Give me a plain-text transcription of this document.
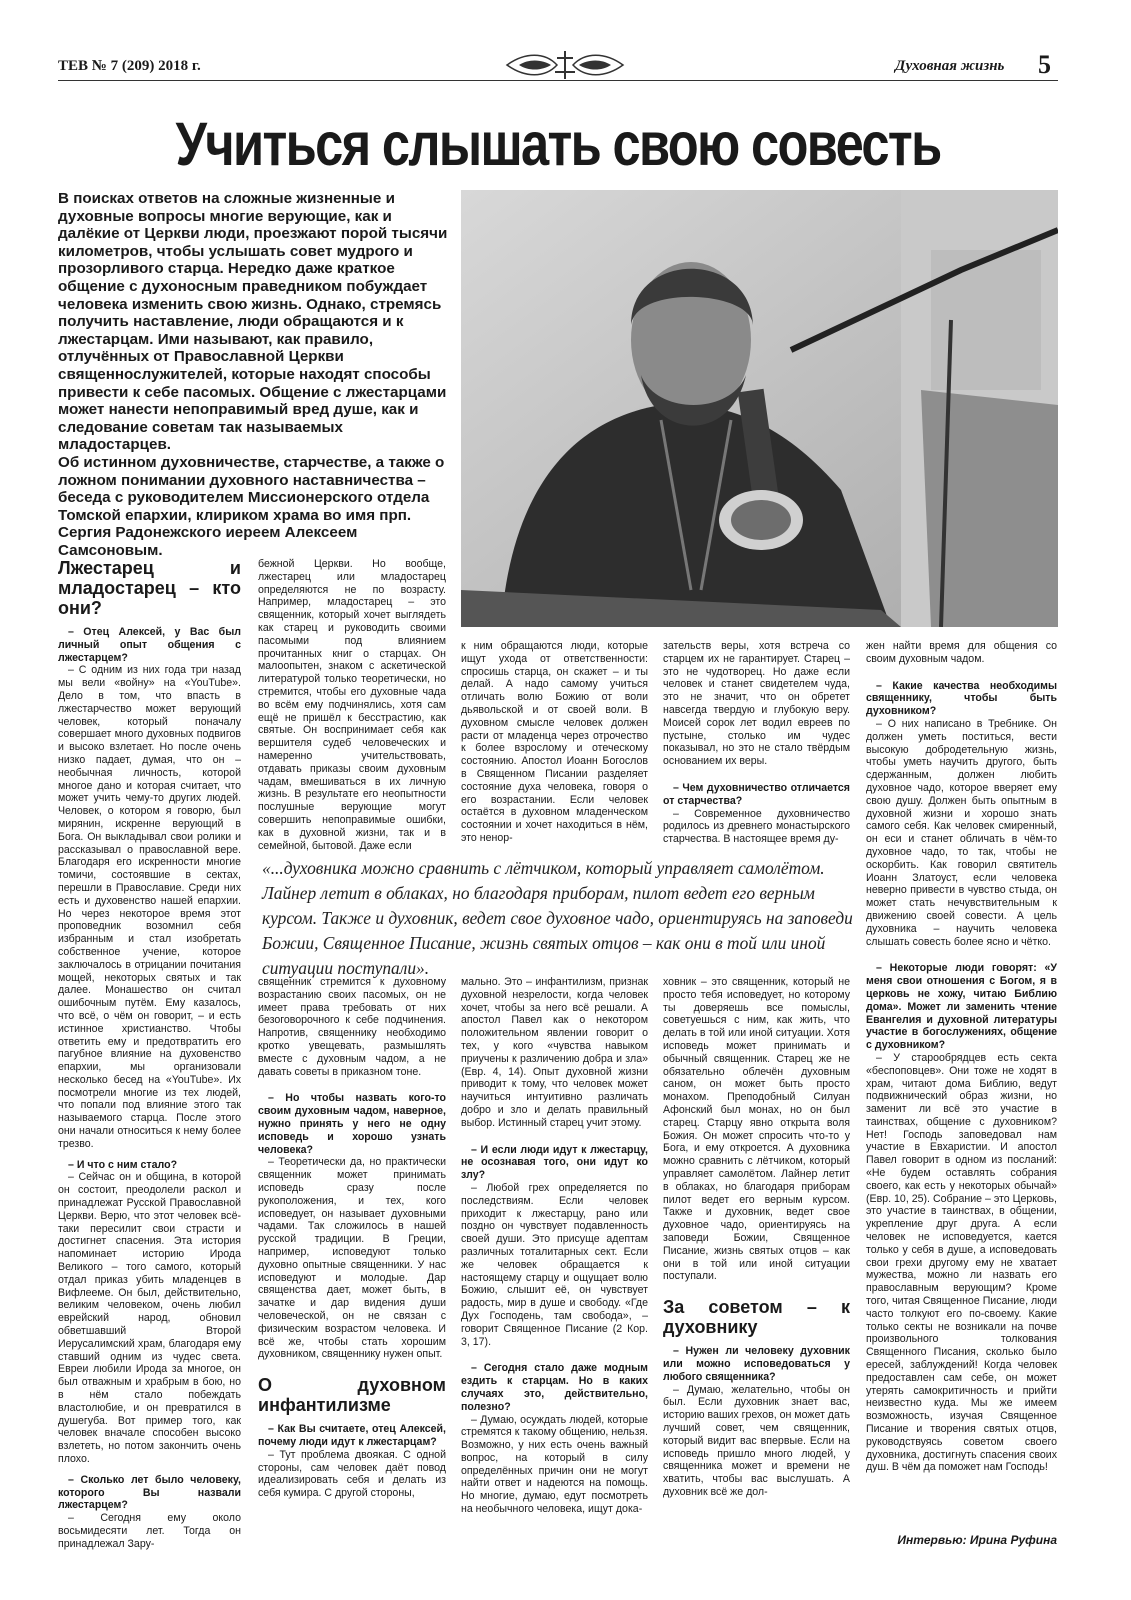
ТЕВ № 7 (209) 2018 г.	Духовная жизнь 5
Учиться слышать свою совесть

В поисках ответов на сложные жизненные и духовные вопросы многие верующие, как и далёкие от Церкви люди, проезжают порой тысячи километров, чтобы услышать совет мудрого и прозорливого старца. Нередко даже краткое общение с духоносным праведником побуждает человека изменить свою жизнь. Однако, стремясь получить наставление, люди обращаются и к лжестарцам. Ими называют, как правило, отлучённых от Православной Церкви священнослужителей, которые находят способы привести к себе пасомых. Общение с лжестарцами может нанести непоправимый вред душе, как и следование советам так называемых младостарцев.

Об истинном духовничестве, старчестве, а также о ложном понимании духовного наставничества – беседа с руководителем Миссионерского отдела Томской епархии, клириком храма во имя прп. Сергия Радонежского иереем Алексеем Самсоновым.

Лжестарец и младостарец – кто они?

– Отец Алексей, у Вас был личный опыт общения с лжестарцем?

– С одним из них года три назад мы вели «войну» на «YouTube». Дело в том, что впасть в лжестарчество может верующий человек, который поначалу совершает много духовных подвигов и высоко взлетает. Но после очень низко падает, думая, что он – необычная личность, которой многое дано и которая считает, что может учить чему-то других людей. Человек, о котором я говорю, был мирянин, искренне верующий в Бога. Он выкладывал свои ролики и рассказывал о православной вере. Благодаря его искренности многие томичи, состоявшие в сектах, перешли в Православие. Среди них есть и духовенство нашей епархии. Но через некоторое время этот проповедник возомнил себя избранным и стал изобретать собственное учение, которое заключалось в отрицании почитания мощей, некоторых святых и так далее. Монашество он считал ошибочным путём. Ему казалось, что всё, о чём он говорит, – и есть истинное христианство. Чтобы ответить ему и предотвратить его пагубное влияние на духовенство епархии, мы организовали несколько бесед на «YouTube». Их посмотрели многие из тех людей, что попали под влияние этого так называемого старца. После этого они начали относиться к нему более трезво.

– И что с ним стало?

– Сейчас он и община, в которой он состоит, преодолели раскол и принадлежат Русской Православной Церкви. Верю, что этот человек всё-таки пересилит свои страсти и достигнет спасения. Эта история напоминает историю Ирода Великого – того самого, который отдал приказ убить младенцев в Вифлееме. Он был, действительно, великим человеком, очень любил еврейский народ, обновил обветшавший Второй Иерусалимский храм, благодаря ему ставший одним из чудес света. Евреи любили Ирода за многое, он был отважным и храбрым в бою, но в нём стало побеждать властолюбие, и он превратился в душегуба. Вот пример того, как человек вначале способен высоко взлететь, но потом закончить очень плохо.

– Сколько лет было человеку, которого Вы назвали лжестарцем?

– Сегодня ему около восьмидесяти лет. Тогда он принадлежал Зару-

бежной Церкви. Но вообще, лжестарец или младостарец определяются не по возрасту. Например, младостарец – это священник, который хочет выглядеть как старец и руководить своими пасомыми под влиянием прочитанных книг о старцах. Он малоопытен, знаком с аскетической литературой только теоретически, но стремится, чтобы его духовные чада во всём ему подчинялись, хотя сам ещё не пришёл к бесстрастию, как святые. Он воспринимает себя как вершителя судеб человеческих и намеренно учительствовать, отдавать приказы своим духовным чадам, вмешиваться в их личную жизнь. В результате его неопытности послушные верующие могут совершить непоправимые ошибки, как в духовной жизни, так и в семейной, бытовой. Даже если

к ним обращаются люди, которые ищут ухода от ответственности: спросишь старца, он скажет – и ты делай. А надо самому учиться отличать волю Божию от воли дьявольской и от своей воли. В духовном смысле человек должен расти от младенца через отрочество к более взрослому и отеческому состоянию. Апостол Иоанн Богослов в Священном Писании разделяет состояние духа человека, говоря о его возрастании. Если человек остаётся в духовном младенческом состоянии и хочет находиться в нём, это ненор-

зательств веры, хотя встреча со старцем их не гарантирует. Старец – это не чудотворец. Но даже если человек и станет свидетелем чуда, это не значит, что он обретет навсегда твердую и глубокую веру. Моисей сорок лет водил евреев по пустыне, столько им чудес показывал, но это не стало твёрдым основанием их веры.

– Чем духовничество отличается от старчества?

– Современное духовничество родилось из древнего монастырского старчества. В настоящее время ду-

«...духовника можно сравнить с лётчиком, который управляет самолётом. Лайнер летит в облаках, но благодаря приборам, пилот ведет его верным курсом. Также и духовник, ведет свое духовное чадо, ориентируясь на заповеди Божии, Священное Писание, жизнь святых отцов – как они в той или иной ситуации поступали».

священник стремится к духовному возрастанию своих пасомых, он не имеет права требовать от них безоговорочного к себе подчинения. Напротив, священнику необходимо кротко увещевать, размышлять вместе с духовным чадом, а не давать советы в приказном тоне.

– Но чтобы назвать кого-то своим духовным чадом, наверное, нужно принять у него не одну исповедь и хорошо узнать человека?

– Теоретически да, но практически священник может принимать исповедь сразу после рукоположения, и тех, кого исповедует, он называет духовными чадами. Так сложилось в нашей русской традиции. В Греции, например, исповедуют только духовно опытные священники. У нас исповедуют и молодые. Дар священства дает, может быть, в зачатке и дар видения души человеческой, он не связан с физическим возрастом человека. И всё же, чтобы стать хорошим духовником, священнику нужен опыт.

О духовном инфантилизме

– Как Вы считаете, отец Алексей, почему люди идут к лжестарцам?

– Тут проблема двоякая. С одной стороны, сам человек даёт повод идеализировать себя и делать из себя кумира. С другой стороны,

мально. Это – инфантилизм, признак духовной незрелости, когда человек хочет, чтобы за него всё решали. А апостол Павел как о некотором положительном явлении говорит о тех, у кого «чувства навыком приучены к различению добра и зла» (Евр. 4, 14). Опыт духовной жизни приводит к тому, что человек может научиться интуитивно различать добро и зло и делать правильный выбор. Истинный старец учит этому.

– И если люди идут к лжестарцу, не осознавая того, они идут ко злу?

– Любой грех определяется по последствиям. Если человек приходит к лжестарцу, рано или поздно он чувствует подавленность своей души. Это присуще адептам различных тоталитарных сект. Если же человек обращается к настоящему старцу и ощущает волю Божию, слышит её, он чувствует радость, мир в душе и свободу. «Где Дух Господень, там свобода», – говорит Священное Писание (2 Кор. 3, 17).

– Сегодня стало даже модным ездить к старцам. Но в каких случаях это, действительно, полезно?

– Думаю, осуждать людей, которые стремятся к такому общению, нельзя. Возможно, у них есть очень важный вопрос, на который в силу определённых причин они не могут найти ответ и надеются на помощь. Но многие, думаю, едут посмотреть на необычного человека, ищут дока-

ховник – это священник, который не просто тебя исповедует, но которому ты доверяешь все помыслы, советуешься с ним, как жить, что делать в той или иной ситуации. Хотя исповедь может принимать и обычный священник. Старец же не обязательно облечён духовным саном, он может быть просто монахом. Преподобный Силуан Афонский был монах, но он был старец. Старцу явно открыта воля Божия. Он может спросить что-то у Бога, и ему откроется. А духовника можно сравнить с лётчиком, который управляет самолётом. Лайнер летит в облаках, но благодаря приборам пилот ведет его верным курсом. Также и духовник, ведет свое духовное чадо, ориентируясь на заповеди Божии, Священное Писание, жизнь святых отцов – как они в той или иной ситуации поступали.

За советом – к духовнику

– Нужен ли человеку духовник или можно исповедоваться у любого священника?

– Думаю, желательно, чтобы он был. Если духовник знает вас, историю ваших грехов, он может дать лучший совет, чем священник, который видит вас впервые. Если на исповедь пришло много людей, у священника может и времени не хватить, чтобы вас выслушать. А духовник всё же дол-

жен найти время для общения со своим духовным чадом.

– Какие качества необходимы священнику, чтобы быть духовником?

– О них написано в Требнике. Он должен уметь поститься, вести высокую добродетельную жизнь, чтобы уметь научить другого, быть сдержанным, должен любить духовное чадо, которое вверяет ему свою душу. Должен быть опытным в духовной жизни и хорошо знать самого себя. Как человек смиренный, он еси и станет обличать в чём-то духовное чадо, то так, чтобы не оскорбить. Как говорил святитель Иоанн Златоуст, если человека неверно привести в чувство стыда, он может стать нечувствительным к движению своей совести. А цель духовника – научить человека слышать совесть более ясно и чётко.

– Некоторые люди говорят: «У меня свои отношения с Богом, я в церковь не хожу, читаю Библию дома». Может ли заменить чтение Евангелия и духовной литературы участие в богослужениях, общение с духовником?

– У старообрядцев есть секта «беспоповцев». Они тоже не ходят в храм, читают дома Библию, ведут подвижнический образ жизни, но заменит ли всё это участие в таинствах, общение с духовником? Нет! Господь заповедовал нам участие в Евхаристии. И апостол Павел говорит в одном из посланий: «Не будем оставлять собрания своего, как есть у некоторых обычай» (Евр. 10, 25). Собрание – это Церковь, это участие в таинствах, в общении, укрепление друг друга. А если человек не исповедуется, кается только у себя в душе, а исповедовать свои грехи другому ему не хватает мужества, можно ли назвать его православным верующим? Кроме того, читая Священное Писание, люди часто толкуют его по-своему. Какие только секты не возникали на почве произвольного толкования Священного Писания, сколько было ересей, заблуждений! Когда человек предоставлен сам себе, он может утерять самокритичность и прийти неизвестно куда. Мы же имеем возможность, изучая Священное Писание и творения святых отцов, руководствуясь советом своего духовника, достигнуть спасения своих душ. В чём да поможет нам Господь!

Интервью: Ирина Руфина
